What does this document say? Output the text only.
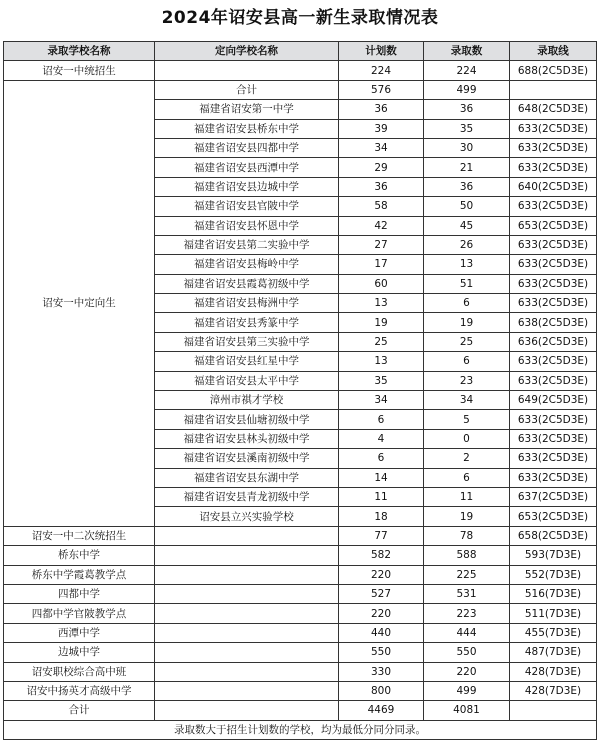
2024年诏安县高一新生录取情况表
录取学校名称	定向学校名称	计划数	录取数	录取线
诏安一中统招生		224	224	688(2C5D3E)
诏安一中定向生	合计	576	499	
	福建省诏安第一中学	36	36	648(2C5D3E)
	福建省诏安县桥东中学	39	35	633(2C5D3E)
	福建省诏安县四都中学	34	30	633(2C5D3E)
	福建省诏安县西潭中学	29	21	633(2C5D3E)
	福建省诏安县边城中学	36	36	640(2C5D3E)
	福建省诏安县官陂中学	58	50	633(2C5D3E)
	福建省诏安县怀恩中学	42	45	653(2C5D3E)
	福建省诏安县第二实验中学	27	26	633(2C5D3E)
	福建省诏安县梅岭中学	17	13	633(2C5D3E)
	福建省诏安县霞葛初级中学	60	51	633(2C5D3E)
	福建省诏安县梅洲中学	13	6	633(2C5D3E)
	福建省诏安县秀篆中学	19	19	638(2C5D3E)
	福建省诏安县第三实验中学	25	25	636(2C5D3E)
	福建省诏安县红星中学	13	6	633(2C5D3E)
	福建省诏安县太平中学	35	23	633(2C5D3E)
	漳州市祺才学校	34	34	649(2C5D3E)
	福建省诏安县仙塘初级中学	6	5	633(2C5D3E)
	福建省诏安县林头初级中学	4	0	633(2C5D3E)
	福建省诏安县溪南初级中学	6	2	633(2C5D3E)
	福建省诏安县东湖中学	14	6	633(2C5D3E)
	福建省诏安县青龙初级中学	11	11	637(2C5D3E)
	诏安县立兴实验学校	18	19	653(2C5D3E)
诏安一中二次统招生		77	78	658(2C5D3E)
桥东中学		582	588	593(7D3E)
桥东中学霞葛教学点		220	225	552(7D3E)
四都中学		527	531	516(7D3E)
四都中学官陂教学点		220	223	511(7D3E)
西潭中学		440	444	455(7D3E)
边城中学		550	550	487(7D3E)
诏安职校综合高中班		330	220	428(7D3E)
诏安中扬英才高级中学		800	499	428(7D3E)
合计		4469	4081	
录取数大于招生计划数的学校，均为最低分同分同录。				
